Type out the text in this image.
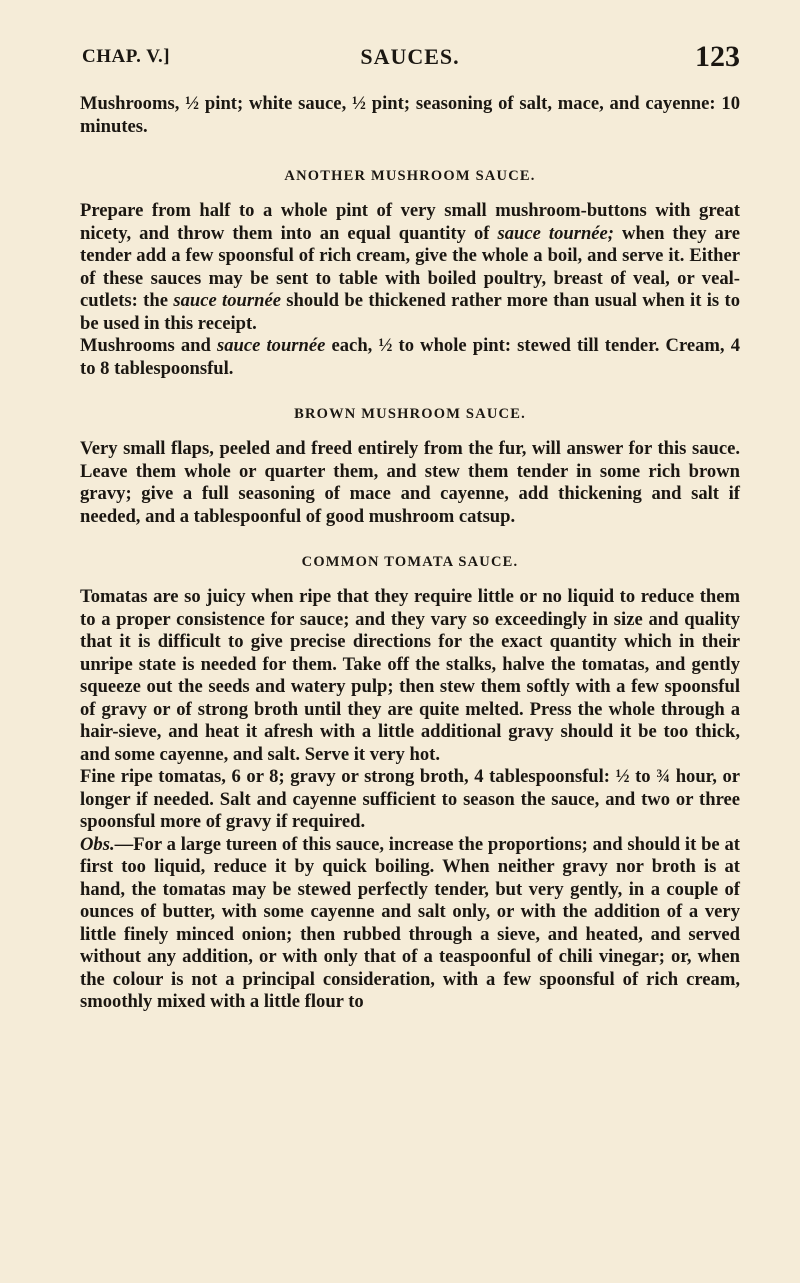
CHAP. V.]	SAUCES.	123

Mushrooms, ½ pint; white sauce, ½ pint; seasoning of salt, mace, and cayenne: 10 minutes.

ANOTHER MUSHROOM SAUCE.

Prepare from half to a whole pint of very small mushroom-buttons with great nicety, and throw them into an equal quantity of sauce tournée; when they are tender add a few spoonsful of rich cream, give the whole a boil, and serve it. Either of these sauces may be sent to table with boiled poultry, breast of veal, or veal-cutlets: the sauce tournée should be thickened rather more than usual when it is to be used in this receipt.

Mushrooms and sauce tournée each, ½ to whole pint: stewed till tender. Cream, 4 to 8 tablespoonsful.

BROWN MUSHROOM SAUCE.

Very small flaps, peeled and freed entirely from the fur, will answer for this sauce. Leave them whole or quarter them, and stew them tender in some rich brown gravy; give a full seasoning of mace and cayenne, add thickening and salt if needed, and a tablespoonful of good mushroom catsup.

COMMON TOMATA SAUCE.

Tomatas are so juicy when ripe that they require little or no liquid to reduce them to a proper consistence for sauce; and they vary so exceedingly in size and quality that it is difficult to give precise directions for the exact quantity which in their unripe state is needed for them. Take off the stalks, halve the tomatas, and gently squeeze out the seeds and watery pulp; then stew them softly with a few spoonsful of gravy or of strong broth until they are quite melted. Press the whole through a hair-sieve, and heat it afresh with a little additional gravy should it be too thick, and some cayenne, and salt. Serve it very hot.

Fine ripe tomatas, 6 or 8; gravy or strong broth, 4 tablespoonsful: ½ to ¾ hour, or longer if needed. Salt and cayenne sufficient to season the sauce, and two or three spoonsful more of gravy if required.

Obs.—For a large tureen of this sauce, increase the proportions; and should it be at first too liquid, reduce it by quick boiling. When neither gravy nor broth is at hand, the tomatas may be stewed perfectly tender, but very gently, in a couple of ounces of butter, with some cayenne and salt only, or with the addition of a very little finely minced onion; then rubbed through a sieve, and heated, and served without any addition, or with only that of a teaspoonful of chili vinegar; or, when the colour is not a principal consideration, with a few spoonsful of rich cream, smoothly mixed with a little flour to
